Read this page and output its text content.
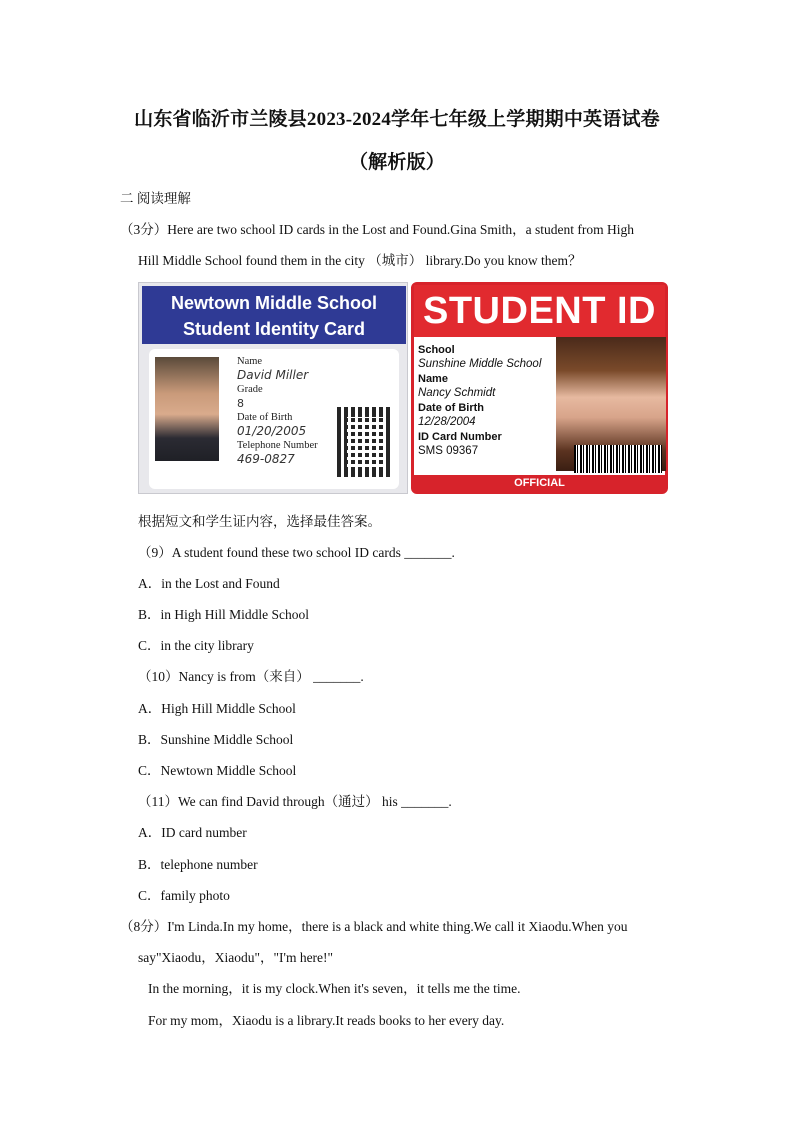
山东省临沂市兰陵县2023-2024学年七年级上学期期中英语试卷
（解析版）
二 阅读理解
（3分）Here are two school ID cards in the Lost and Found.Gina Smith，a student from High
Hill Middle School found them in the city （城市） library.Do you know them？
Newtown Middle School
Student Identity Card
Name
David Miller
Grade
8
Date of Birth
01/20/2005
Telephone Number
469-0827
STUDENT ID
School
Sunshine Middle School
Name
Nancy Schmidt
Date of Birth
12/28/2004
ID Card Number
SMS 09367
OFFICIAL
根据短文和学生证内容，选择最佳答案。
（9）A student found these two school ID cards _______.
A．in the Lost and Found
B．in High Hill Middle School
C．in the city library
（10）Nancy is from（来自） _______.
A．High Hill Middle School
B．Sunshine Middle School
C．Newtown Middle School
（11）We can find David through（通过） his _______.
A．ID card number
B．telephone number
C．family photo
（8分）I'm Linda.In my home，there is a black and white thing.We call it Xiaodu.When you
say"Xiaodu，Xiaodu"，"I'm here!"
In the morning，it is my clock.When it's seven，it tells me the time.
For my mom，Xiaodu is a library.It reads books to her every day.
